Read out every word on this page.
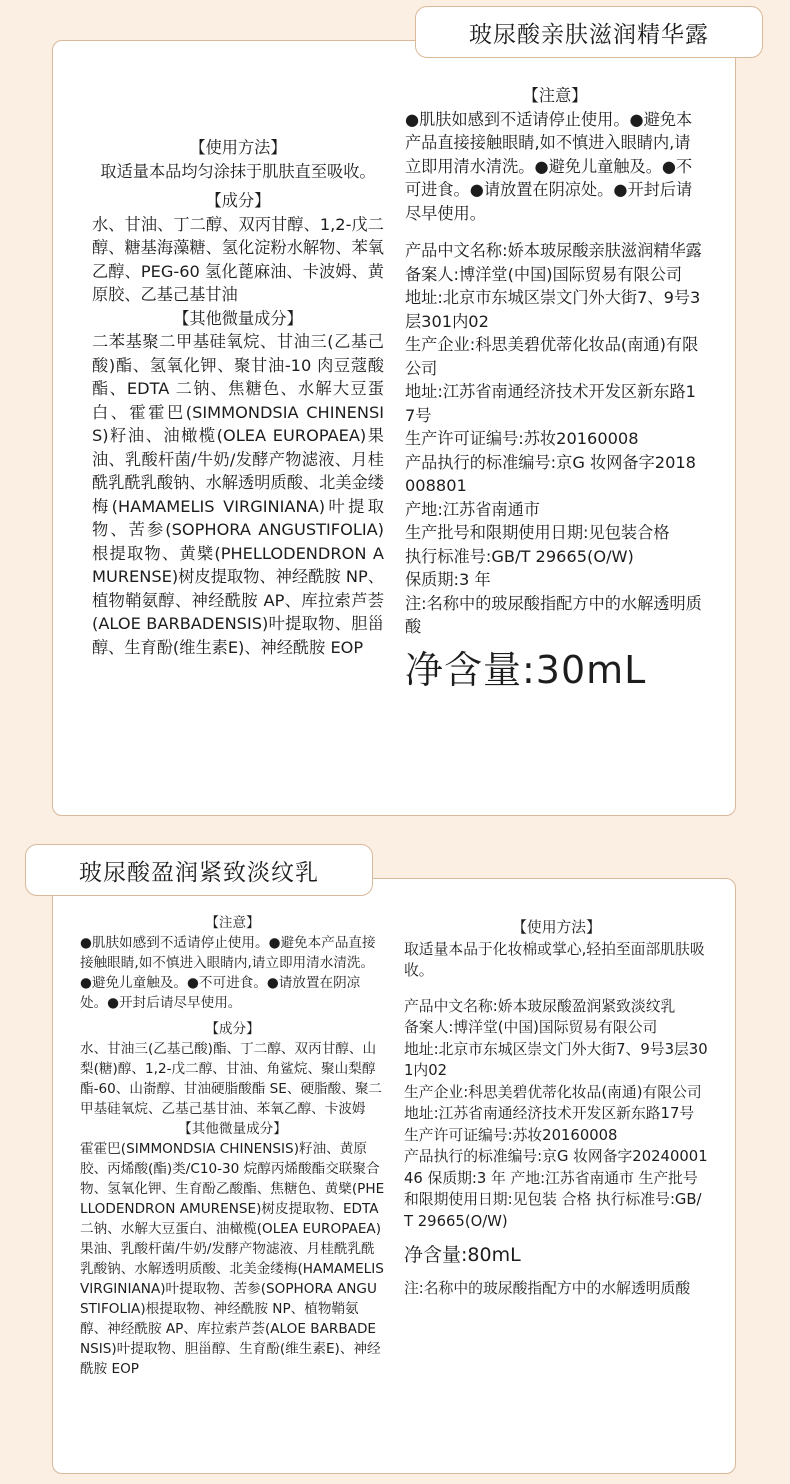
玻尿酸亲肤滋润精华露
【使用方法】

取适量本品均匀涂抹于肌肤直至吸收。

【成分】

水、甘油、丁二醇、双丙甘醇、1,2-戊二醇、糖基海藻糖、氢化淀粉水解物、苯氧乙醇、PEG-60 氢化蓖麻油、卡波姆、黄原胶、乙基己基甘油

【其他微量成分】

二苯基聚二甲基硅氧烷、甘油三(乙基己酸)酯、氢氧化钾、聚甘油-10 肉豆蔻酸酯、EDTA 二钠、焦糖色、水解大豆蛋白、霍霍巴(SIMMONDSIA CHINENSIS)籽油、油橄榄(OLEA EUROPAEA)果油、乳酸杆菌/牛奶/发酵产物滤液、月桂酰乳酰乳酸钠、水解透明质酸、北美金缕梅(HAMAMELIS VIRGINIANA)叶提取物、苦参(SOPHORA ANGUSTIFOLIA)根提取物、黄檗(PHELLODENDRON AMURENSE)树皮提取物、神经酰胺 NP、植物鞘氨醇、神经酰胺 AP、库拉索芦荟(ALOE BARBADENSIS)叶提取物、胆甾醇、生育酚(维生素E)、神经酰胺 EOP

【注意】

●肌肤如感到不适请停止使用。●避免本产品直接接触眼睛,如不慎进入眼睛内,请立即用清水清洗。●避免儿童触及。●不可进食。●请放置在阴凉处。●开封后请尽早使用。

产品中文名称:娇本玻尿酸亲肤滋润精华露

备案人:博洋堂(中国)国际贸易有限公司

地址:北京市东城区崇文门外大街7、9号3层301内02

生产企业:科思美碧优蒂化妆品(南通)有限公司

地址:江苏省南通经济技术开发区新东路17号

生产许可证编号:苏妆20160008

产品执行的标准编号:京G 妆网备字2018008801

产地:江苏省南通市

生产批号和限期使用日期:见包装合格

执行标准号:GB/T 29665(O/W)

保质期:3 年

注:名称中的玻尿酸指配方中的水解透明质酸

净含量:30mL

玻尿酸盈润紧致淡纹乳
【注意】

●肌肤如感到不适请停止使用。●避免本产品直接接触眼睛,如不慎进入眼睛内,请立即用清水清洗。●避免儿童触及。●不可进食。●请放置在阴凉处。●开封后请尽早使用。

【成分】

水、甘油三(乙基己酸)酯、丁二醇、双丙甘醇、山梨(糖)醇、1,2-戊二醇、甘油、角鲨烷、聚山梨醇酯-60、山嵛醇、甘油硬脂酸酯 SE、硬脂酸、聚二甲基硅氧烷、乙基己基甘油、苯氧乙醇、卡波姆

【其他微量成分】

霍霍巴(SIMMONDSIA CHINENSIS)籽油、黄原胶、丙烯酸(酯)类/C10-30 烷醇丙烯酸酯交联聚合物、氢氧化钾、生育酚乙酸酯、焦糖色、黄檗(PHELLODENDRON AMURENSE)树皮提取物、EDTA 二钠、水解大豆蛋白、油橄榄(OLEA EUROPAEA)果油、乳酸杆菌/牛奶/发酵产物滤液、月桂酰乳酰乳酸钠、水解透明质酸、北美金缕梅(HAMAMELIS VIRGINIANA)叶提取物、苦参(SOPHORA ANGUSTIFOLIA)根提取物、神经酰胺 NP、植物鞘氨醇、神经酰胺 AP、库拉索芦荟(ALOE BARBADENSIS)叶提取物、胆甾醇、生育酚(维生素E)、神经酰胺 EOP

【使用方法】

取适量本品于化妆棉或掌心,轻拍至面部肌肤吸收。

产品中文名称:娇本玻尿酸盈润紧致淡纹乳

备案人:博洋堂(中国)国际贸易有限公司

地址:北京市东城区崇文门外大街7、9号3层301内02

生产企业:科思美碧优蒂化妆品(南通)有限公司 地址:江苏省南通经济技术开发区新东路17号

生产许可证编号:苏妆20160008

产品执行的标准编号:京G 妆网备字2024000146 保质期:3 年 产地:江苏省南通市 生产批号和限期使用日期:见包装 合格 执行标准号:GB/T 29665(O/W)

净含量:80mL

注:名称中的玻尿酸指配方中的水解透明质酸
